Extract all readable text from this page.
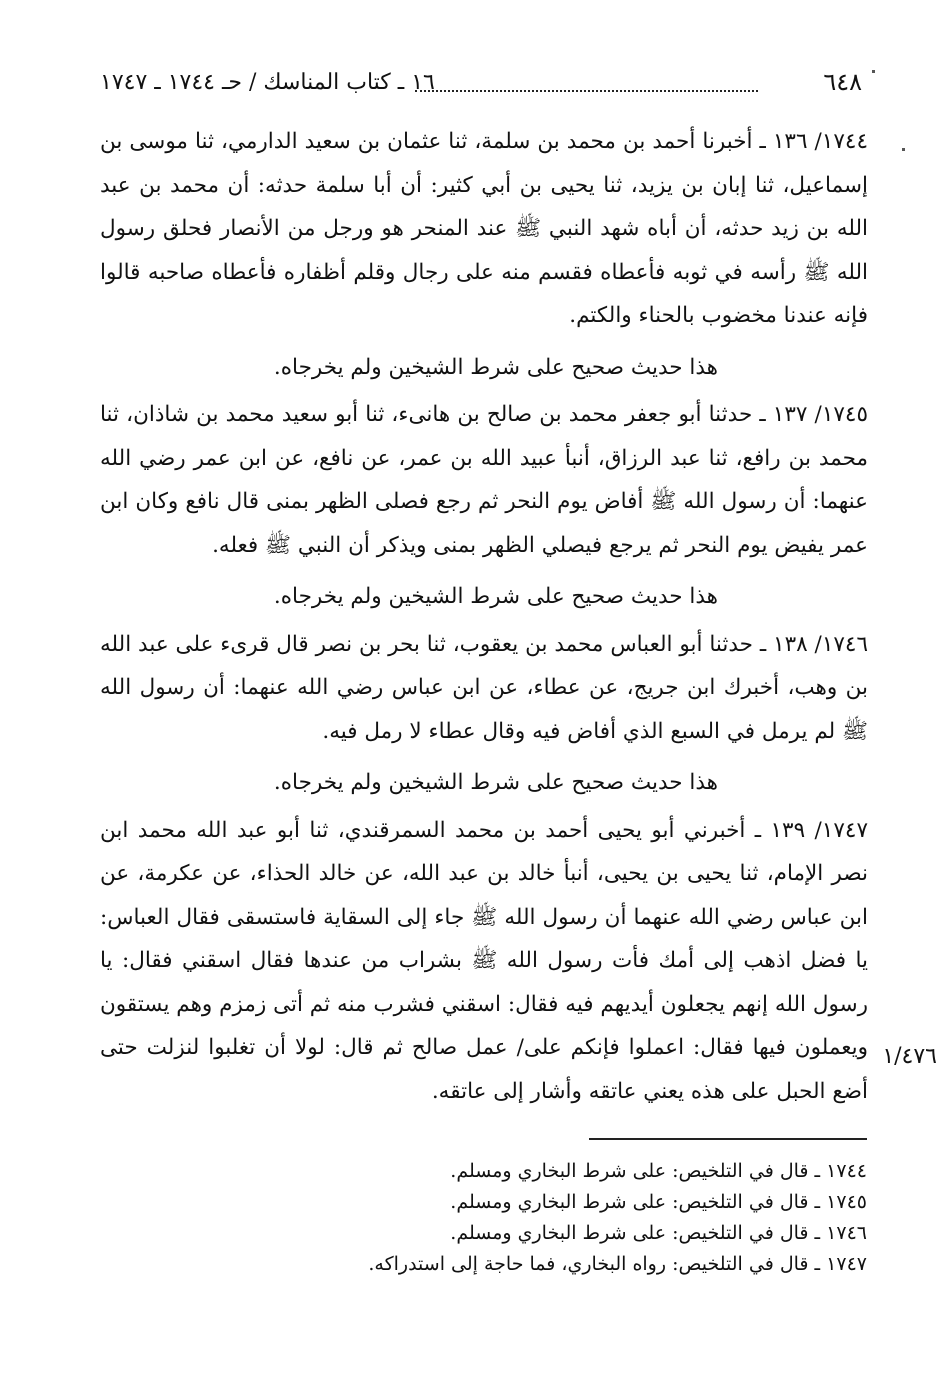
٦٤٨
١٦ ـ كتاب المناسك / حـ ١٧٤٤ ـ ١٧٤٧

١٧٤٤/ ١٣٦ ـ أخبرنا أحمد بن محمد بن سلمة، ثنا عثمان بن سعيد الدارمي، ثنا موسى بن إسماعيل، ثنا إبان بن يزيد، ثنا يحيى بن أبي كثير: أن أبا سلمة حدثه: أن محمد بن عبد الله بن زيد حدثه، أن أباه شهد النبي ﷺ عند المنحر هو ورجل من الأنصار فحلق رسول الله ﷺ رأسه في ثوبه فأعطاه فقسم منه على رجال وقلم أظفاره فأعطاه صاحبه قالوا فإنه عندنا مخضوب بالحناء والكتم.

هذا حديث صحيح على شرط الشيخين ولم يخرجاه.

١٧٤٥/ ١٣٧ ـ حدثنا أبو جعفر محمد بن صالح بن هانىء، ثنا أبو سعيد محمد بن شاذان، ثنا محمد بن رافع، ثنا عبد الرزاق، أنبأ عبيد الله بن عمر، عن نافع، عن ابن عمر رضي الله عنهما: أن رسول الله ﷺ أفاض يوم النحر ثم رجع فصلى الظهر بمنى قال نافع وكان ابن عمر يفيض يوم النحر ثم يرجع فيصلي الظهر بمنى ويذكر أن النبي ﷺ فعله.

هذا حديث صحيح على شرط الشيخين ولم يخرجاه.

١٧٤٦/ ١٣٨ ـ حدثنا أبو العباس محمد بن يعقوب، ثنا بحر بن نصر قال قرىء على عبد الله بن وهب، أخبرك ابن جريج، عن عطاء، عن ابن عباس رضي الله عنهما: أن رسول الله ﷺ لم يرمل في السبع الذي أفاض فيه وقال عطاء لا رمل فيه.

هذا حديث صحيح على شرط الشيخين ولم يخرجاه.

١٧٤٧/ ١٣٩ ـ أخبرني أبو يحيى أحمد بن محمد السمرقندي، ثنا أبو عبد الله محمد ابن نصر الإمام، ثنا يحيى بن يحيى، أنبأ خالد بن عبد الله، عن خالد الحذاء، عن عكرمة، عن ابن عباس رضي الله عنهما أن رسول الله ﷺ جاء إلى السقاية فاستسقى فقال العباس: يا فضل اذهب إلى أمك فأت رسول الله ﷺ بشراب من عندها فقال اسقني فقال: يا رسول الله إنهم يجعلون أيديهم فيه فقال: اسقني فشرب منه ثم أتى زمزم وهم يستقون ويعملون فيها فقال: اعملوا فإنكم على/ عمل صالح ثم قال: لولا أن تغلبوا لنزلت حتى أضع الحبل على هذه يعني عاتقه وأشار إلى عاتقه.

١/٤٧٦

١٧٤٤ ـ قال في التلخيص: على شرط البخاري ومسلم.

١٧٤٥ ـ قال في التلخيص: على شرط البخاري ومسلم.

١٧٤٦ ـ قال في التلخيص: على شرط البخاري ومسلم.

١٧٤٧ ـ قال في التلخيص: رواه البخاري، فما حاجة إلى استدراكه.
